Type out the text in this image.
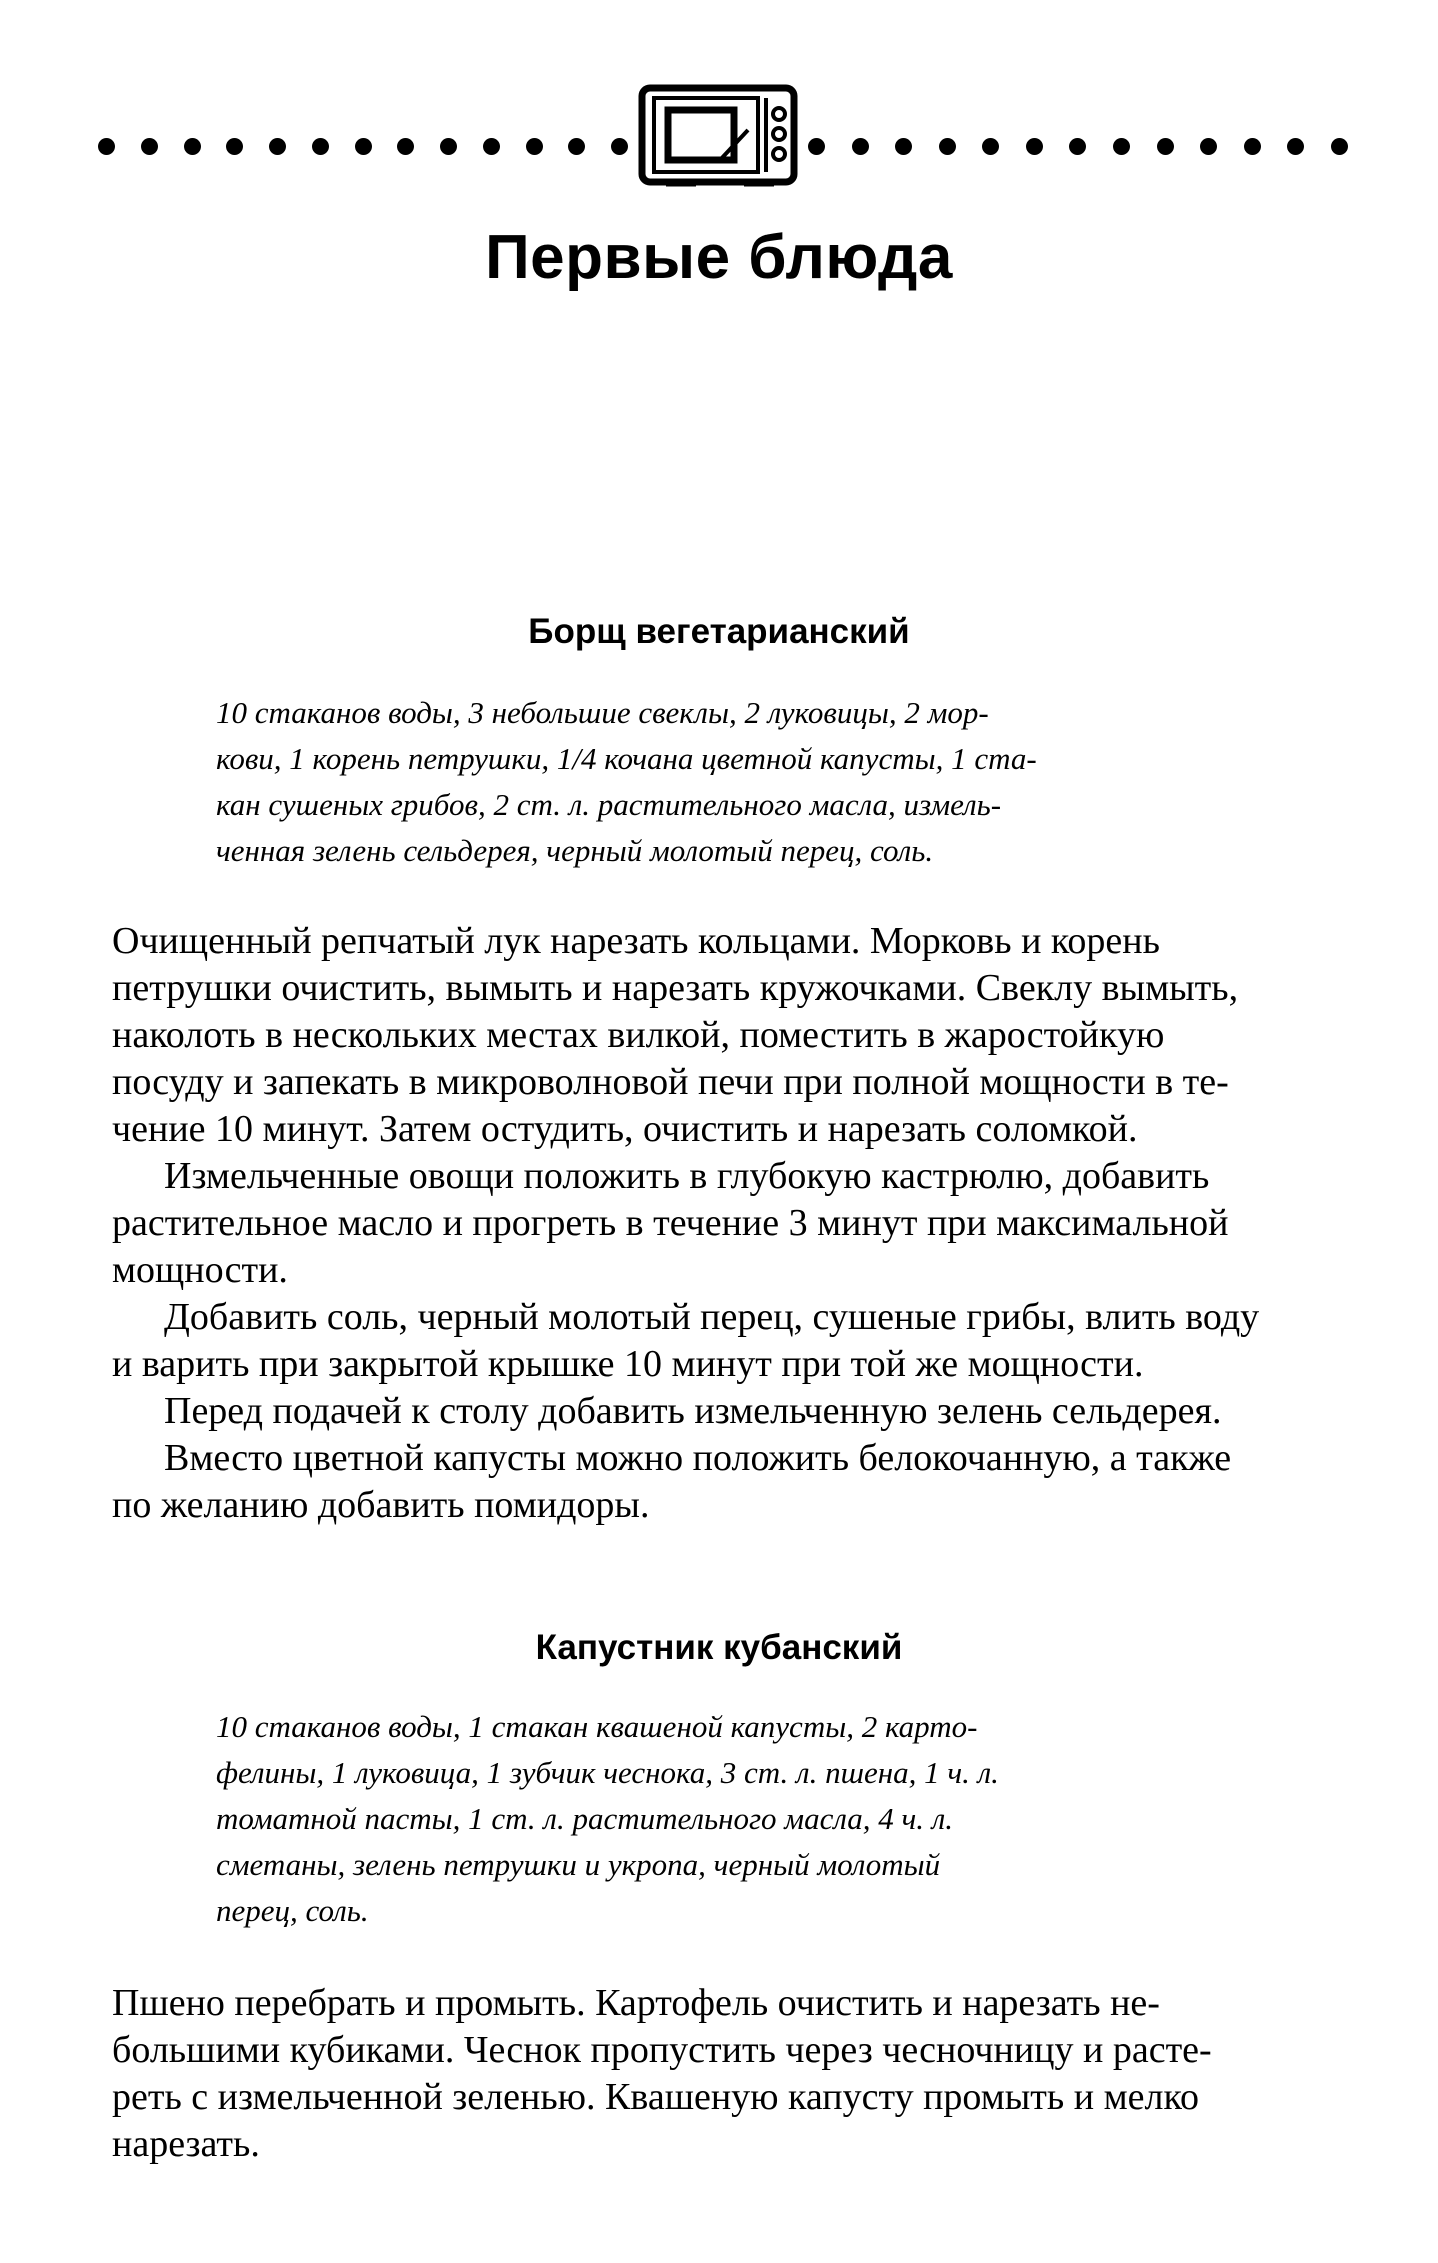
Первые блюда
Борщ вегетарианский
10 стаканов воды, 3 небольшие свеклы, 2 луковицы, 2 мор-
кови, 1 корень петрушки, 1/4 кочана цветной капусты, 1 ста-
кан сушеных грибов, 2 ст. л. растительного масла, измель-
ченная зелень сельдерея, черный молотый перец, соль.
Очищенный репчатый лук нарезать кольцами. Морковь и корень
петрушки очистить, вымыть и нарезать кружочками. Свеклу вымыть,
наколоть в нескольких местах вилкой, поместить в жаростойкую
посуду и запекать в микроволновой печи при полной мощности в те-
чение 10 минут. Затем остудить, очистить и нарезать соломкой.
Измельченные овощи положить в глубокую кастрюлю, добавить
растительное масло и прогреть в течение 3 минут при максимальной
мощности.
Добавить соль, черный молотый перец, сушеные грибы, влить воду
и варить при закрытой крышке 10 минут при той же мощности.
Перед подачей к столу добавить измельченную зелень сельдерея.
Вместо цветной капусты можно положить белокочанную, а также
по желанию добавить помидоры.
Капустник кубанский
10 стаканов воды, 1 стакан квашеной капусты, 2 карто-
фелины, 1 луковица, 1 зубчик чеснока, 3 ст. л. пшена, 1 ч. л.
томатной пасты, 1 ст. л. растительного масла, 4 ч. л.
сметаны, зелень петрушки и укропа, черный молотый
перец, соль.
Пшено перебрать и промыть. Картофель очистить и нарезать не-
большими кубиками. Чеснок пропустить через чесночницу и расте-
реть с измельченной зеленью. Квашеную капусту промыть и мелко
нарезать.
